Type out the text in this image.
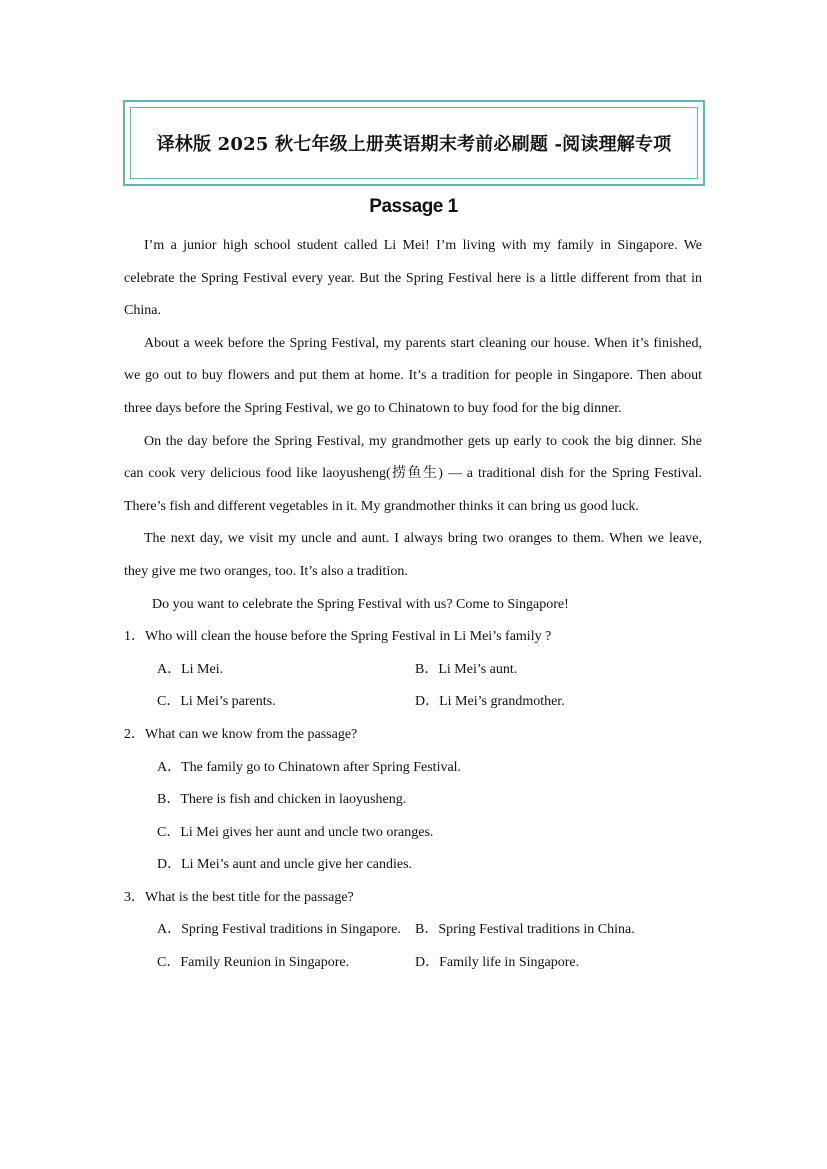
译林版 2025 秋七年级上册英语期末考前必刷题 -阅读理解专项
Passage 1

I’m a junior high school student called Li Mei! I’m living with my family in Singapore. We celebrate the Spring Festival every year. But the Spring Festival here is a little different from that in China.

About a week before the Spring Festival, my parents start cleaning our house. When it’s finished, we go out to buy flowers and put them at home. It’s a tradition for people in Singapore. Then about three days before the Spring Festival, we go to Chinatown to buy food for the big dinner.

On the day before the Spring Festival, my grandmother gets up early to cook the big dinner. She can cook very delicious food like laoyusheng(捞鱼生) — a traditional dish for the Spring Festival. There’s fish and different vegetables in it. My grandmother thinks it can bring us good luck.

The next day, we visit my uncle and aunt. I always bring two oranges to them. When we leave, they give me two oranges, too. It’s also a tradition.

Do you want to celebrate the Spring Festival with us? Come to Singapore!

1．Who will clean the house before the Spring Festival in Li Mei’s family ?

A．Li Mei.	B．Li Mei’s aunt.
C．Li Mei’s parents.	D．Li Mei’s grandmother.

2．What can we know from the passage?

A．The family go to Chinatown after Spring Festival.

B．There is fish and chicken in laoyusheng.

C．Li Mei gives her aunt and uncle two oranges.

D．Li Mei’s aunt and uncle give her candies.

3．What is the best title for the passage?

A．Spring Festival traditions in Singapore.	B．Spring Festival traditions in China.
C．Family Reunion in Singapore.	D．Family life in Singapore.
